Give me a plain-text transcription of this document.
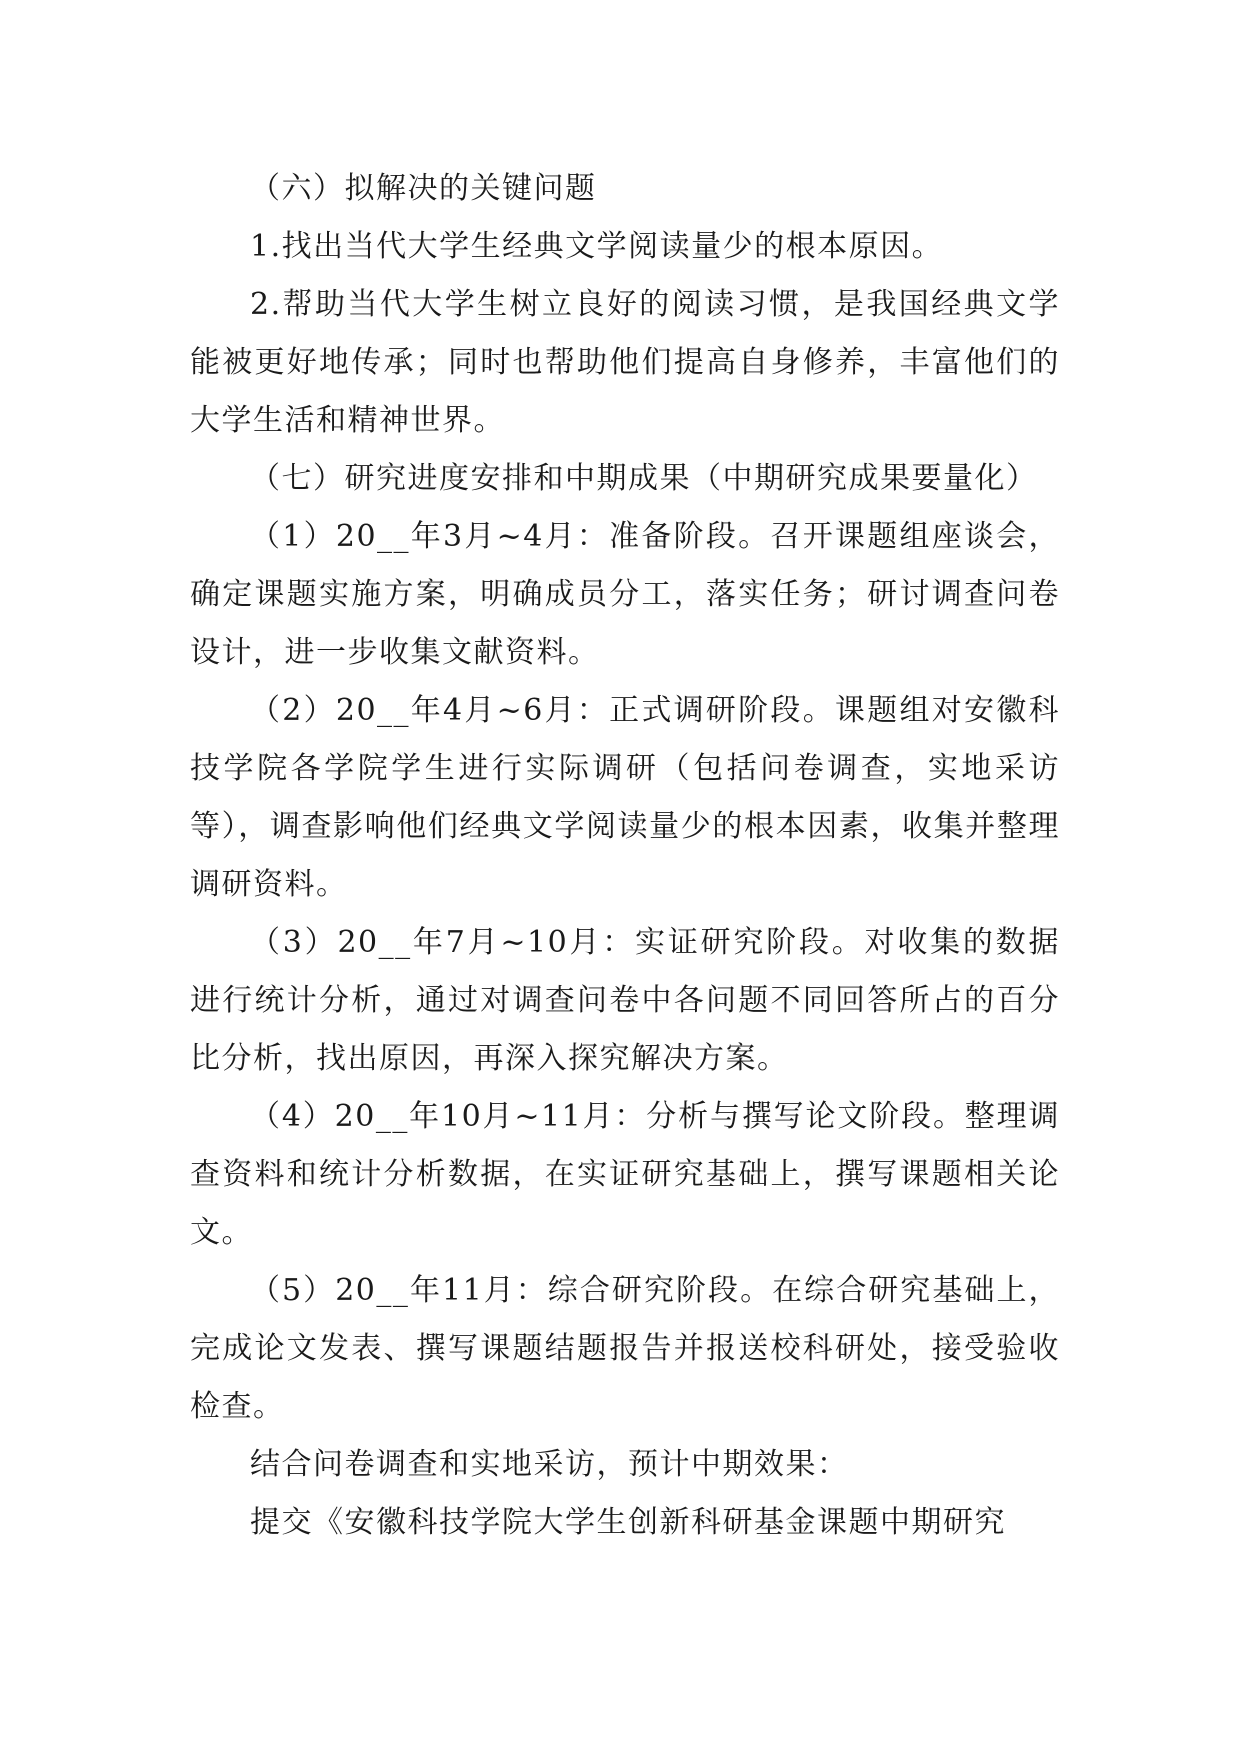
（六）拟解决的关键问题

1.找出当代大学生经典文学阅读量少的根本原因。

2.帮助当代大学生树立良好的阅读习惯，是我国经典文学能被更好地传承；同时也帮助他们提高自身修养，丰富他们的大学生活和精神世界。

（七）研究进度安排和中期成果（中期研究成果要量化）

（1）20__年3月~4月：准备阶段。召开课题组座谈会，确定课题实施方案，明确成员分工，落实任务；研讨调查问卷设计，进一步收集文献资料。

（2）20__年4月~6月：正式调研阶段。课题组对安徽科技学院各学院学生进行实际调研（包括问卷调查，实地采访等），调查影响他们经典文学阅读量少的根本因素，收集并整理调研资料。

（3）20__年7月~10月：实证研究阶段。对收集的数据进行统计分析，通过对调查问卷中各问题不同回答所占的百分比分析，找出原因，再深入探究解决方案。

（4）20__年10月~11月：分析与撰写论文阶段。整理调查资料和统计分析数据，在实证研究基础上，撰写课题相关论文。

（5）20__年11月：综合研究阶段。在综合研究基础上，完成论文发表、撰写课题结题报告并报送校科研处，接受验收检查。

结合问卷调查和实地采访，预计中期效果：

提交《安徽科技学院大学生创新科研基金课题中期研究
